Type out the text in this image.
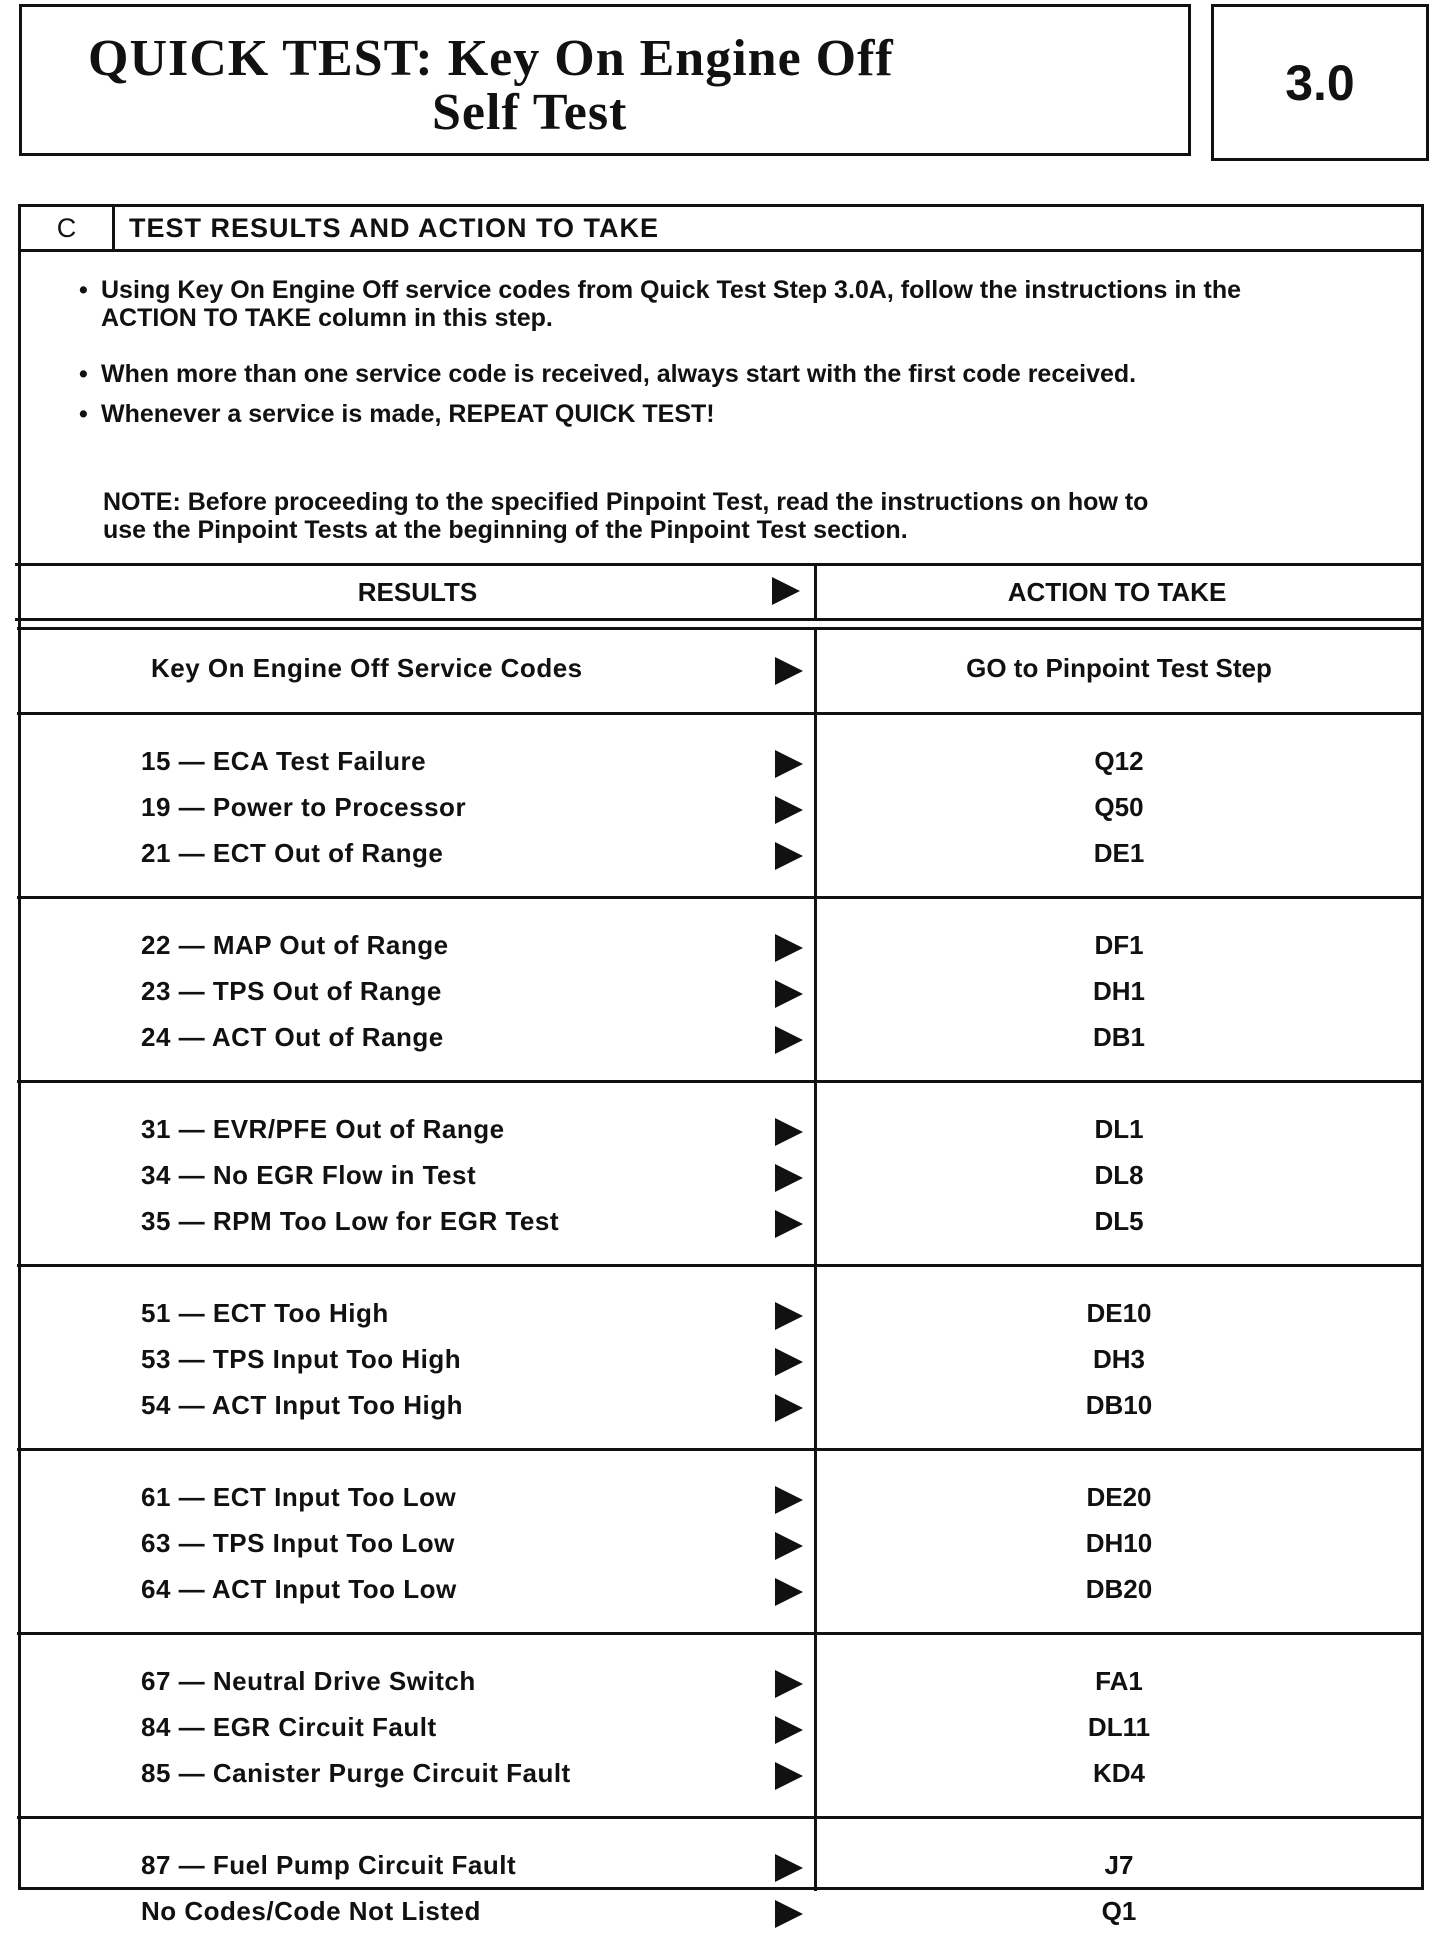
QUICK TEST: Key On Engine Off
Self Test
3.0
C	TEST RESULTS AND ACTION TO TAKE
• Using Key On Engine Off service codes from Quick Test Step 3.0A, follow the instructions in the ACTION TO TAKE column in this step.
• When more than one service code is received, always start with the first code received.
• Whenever a service is made, REPEAT QUICK TEST!
NOTE: Before proceeding to the specified Pinpoint Test, read the instructions on how to
use the Pinpoint Tests at the beginning of the Pinpoint Test section.
RESULTS	ACTION TO TAKE
Key On Engine Off Service Codes	GO to Pinpoint Test Step
15 — ECA Test Failure	Q12
19 — Power to Processor	Q50
21 — ECT Out of Range	DE1
22 — MAP Out of Range	DF1
23 — TPS Out of Range	DH1
24 — ACT Out of Range	DB1
31 — EVR/PFE Out of Range	DL1
34 — No EGR Flow in Test	DL8
35 — RPM Too Low for EGR Test	DL5
51 — ECT Too High	DE10
53 — TPS Input Too High	DH3
54 — ACT Input Too High	DB10
61 — ECT Input Too Low	DE20
63 — TPS Input Too Low	DH10
64 — ACT Input Too Low	DB20
67 — Neutral Drive Switch	FA1
84 — EGR Circuit Fault	DL11
85 — Canister Purge Circuit Fault	KD4
87 — Fuel Pump Circuit Fault	J7
No Codes/Code Not Listed	Q1
